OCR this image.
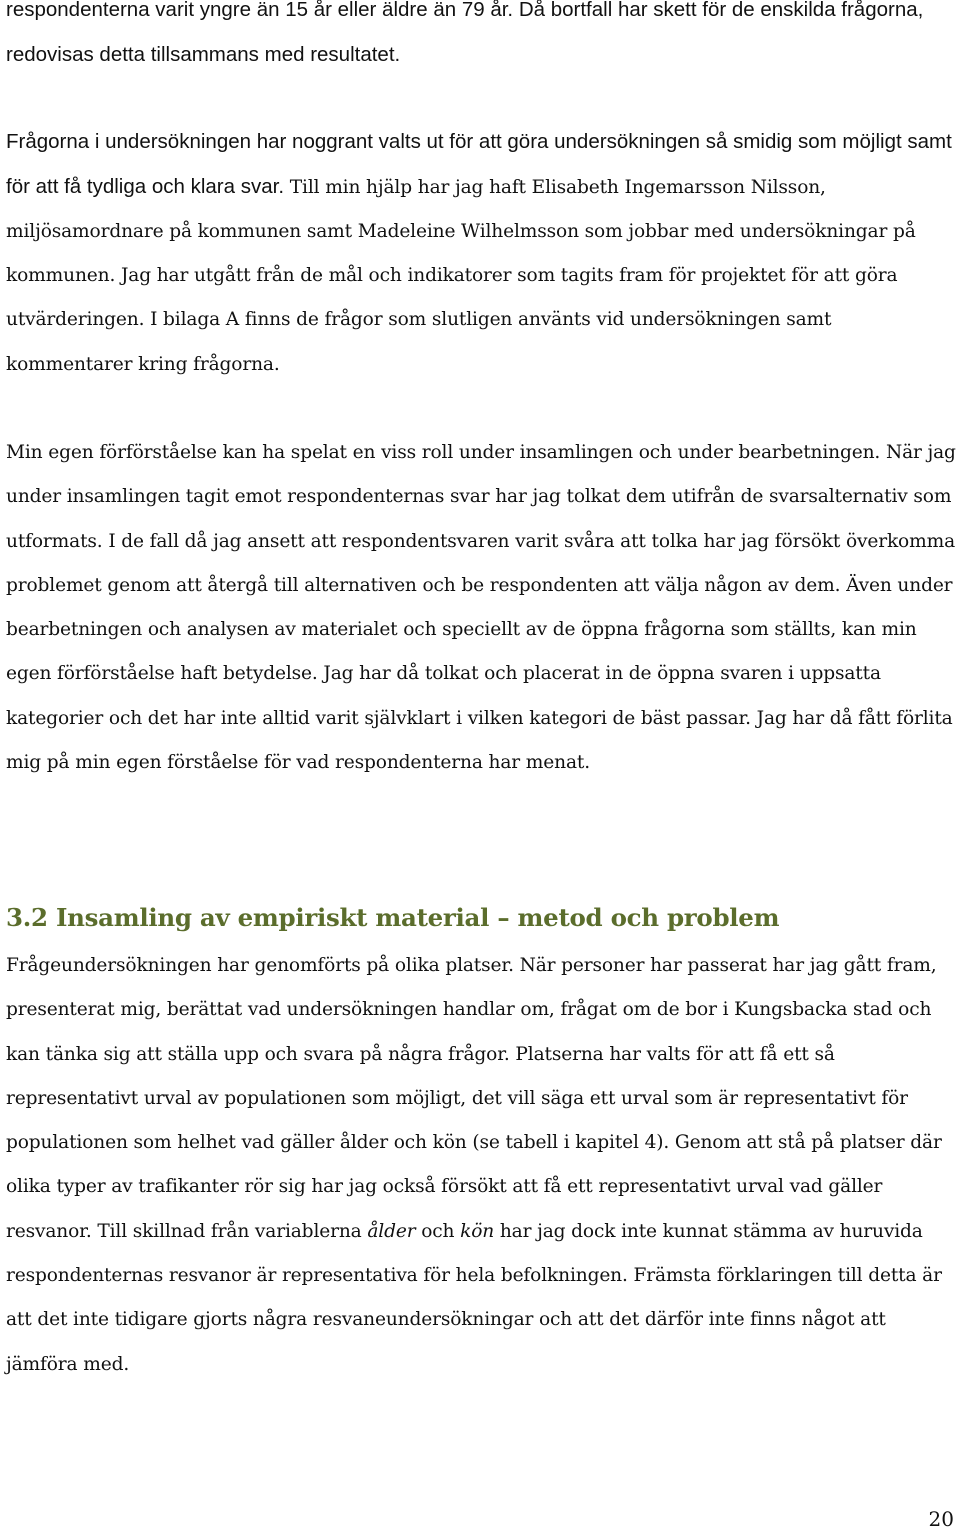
respondenterna varit yngre än 15 år eller äldre än 79 år. Då bortfall har skett för de enskilda frågorna, redovisas detta tillsammans med resultatet.
Frågorna i undersökningen har noggrant valts ut för att göra undersökningen så smidig som möjligt samt för att få tydliga och klara svar. Till min hjälp har jag haft Elisabeth Ingemarsson Nilsson, miljösamordnare på kommunen samt Madeleine Wilhelmsson som jobbar med undersökningar på kommunen. Jag har utgått från de mål och indikatorer som tagits fram för projektet för att göra utvärderingen. I bilaga A finns de frågor som slutligen använts vid undersökningen samt kommentarer kring frågorna.
Min egen förförståelse kan ha spelat en viss roll under insamlingen och under bearbetningen. När jag under insamlingen tagit emot respondenternas svar har jag tolkat dem utifrån de svarsalternativ som utformats. I de fall då jag ansett att respondentsvaren varit svåra att tolka har jag försökt överkomma problemet genom att återgå till alternativen och be respondenten att välja någon av dem. Även under bearbetningen och analysen av materialet och speciellt av de öppna frågorna som ställts, kan min egen förförståelse haft betydelse. Jag har då tolkat och placerat in de öppna svaren i uppsatta kategorier och det har inte alltid varit självklart i vilken kategori de bäst passar. Jag har då fått förlita mig på min egen förståelse för vad respondenterna har menat.
3.2 Insamling av empiriskt material – metod och problem
Frågeundersökningen har genomförts på olika platser. När personer har passerat har jag gått fram, presenterat mig, berättat vad undersökningen handlar om, frågat om de bor i Kungsbacka stad och kan tänka sig att ställa upp och svara på några frågor. Platserna har valts för att få ett så representativt urval av populationen som möjligt, det vill säga ett urval som är representativt för populationen som helhet vad gäller ålder och kön (se tabell i kapitel 4). Genom att stå på platser där olika typer av trafikanter rör sig har jag också försökt att få ett representativt urval vad gäller resvanor. Till skillnad från variablerna ålder och kön har jag dock inte kunnat stämma av huruvida respondenternas resvanor är representativa för hela befolkningen. Främsta förklaringen till detta är att det inte tidigare gjorts några resvaneundersökningar och att det därför inte finns något att jämföra med.
20
